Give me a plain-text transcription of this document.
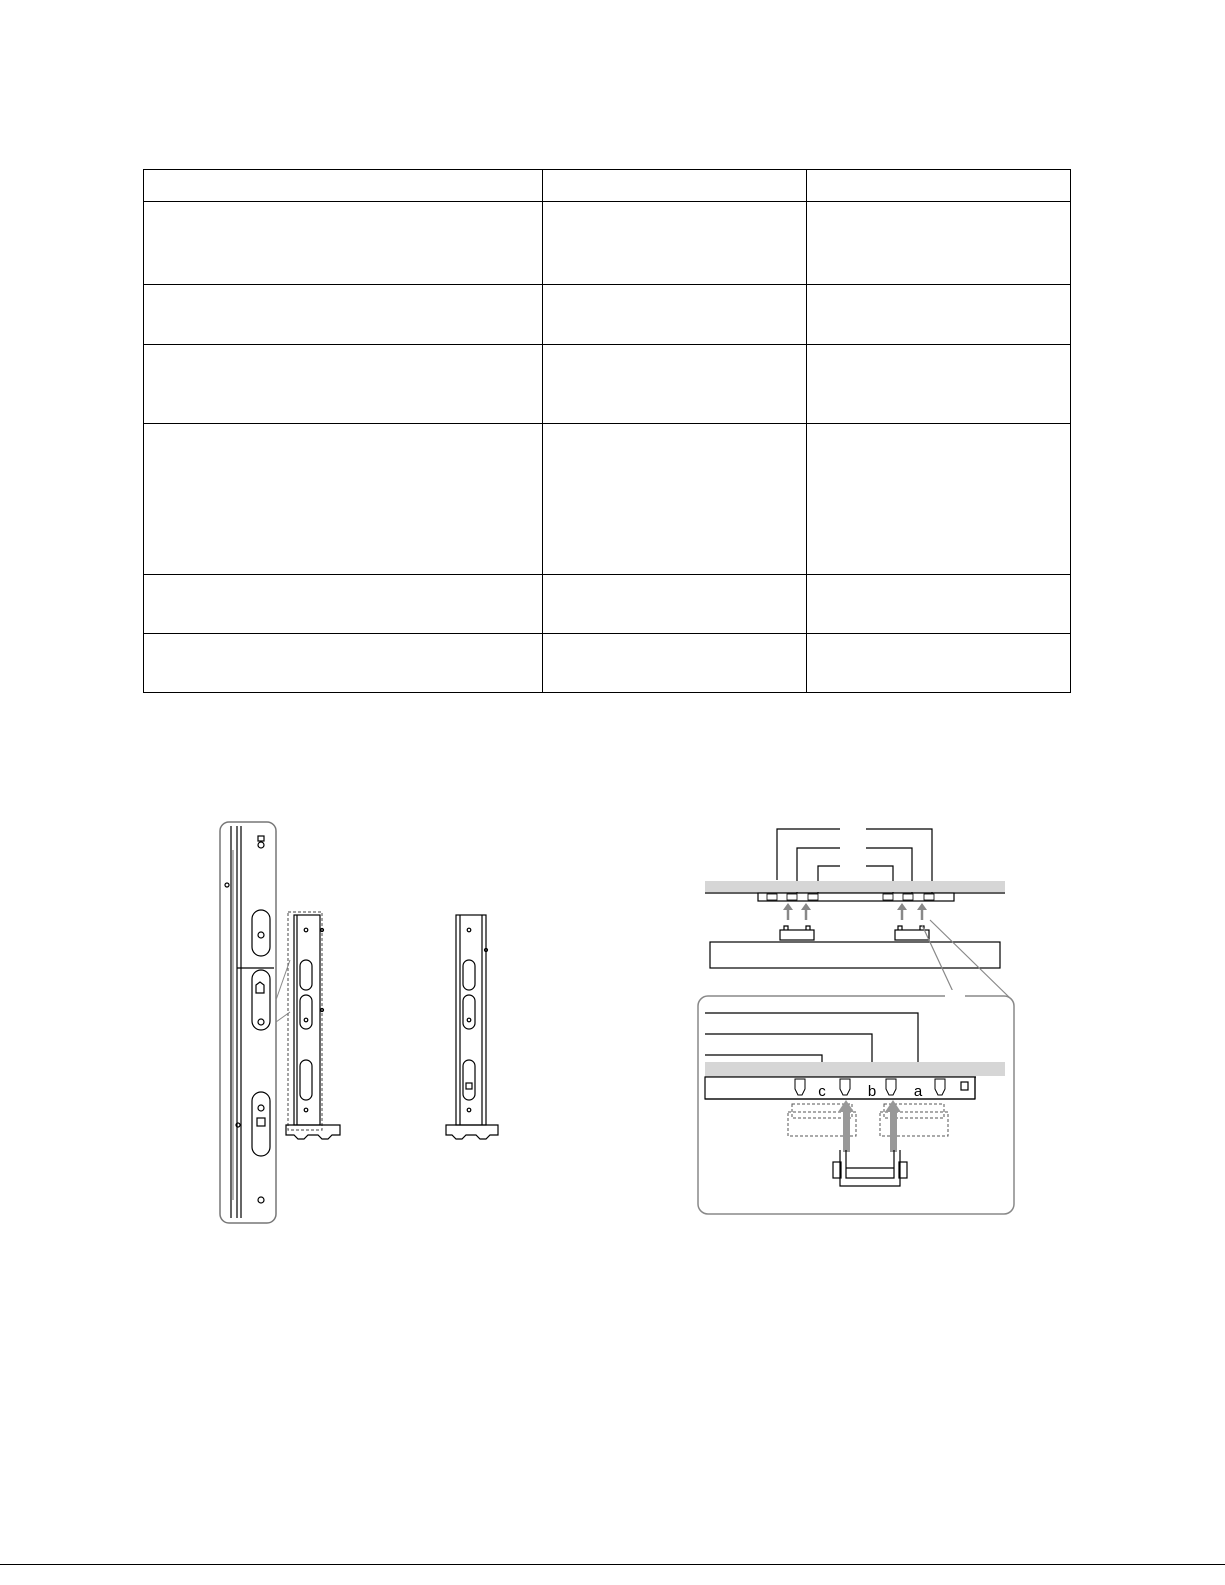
c	b	a
